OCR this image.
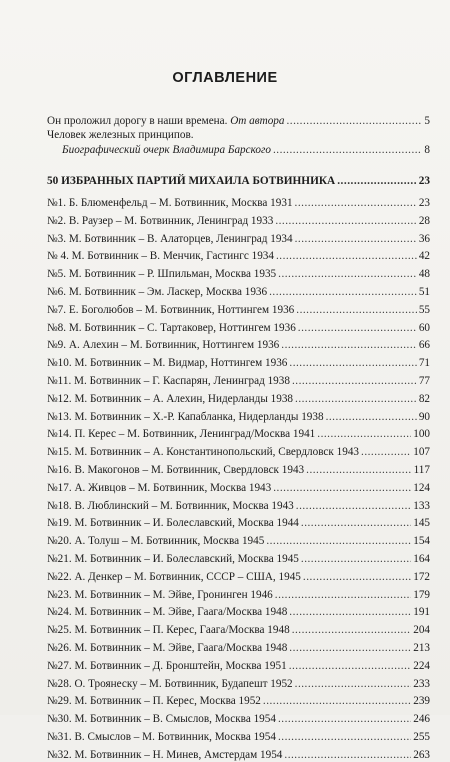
ОГЛАВЛЕНИЕ
Он проложил дорогу в наши времена. От автора .....	5
Человек железных принципов.
Биографический очерк Владимира Барского .....	8
50 ИЗБРАННЫХ ПАРТИЙ МИХАИЛА БОТВИННИКА .....	23
№1. Б. Блюменфельд – М. Ботвинник, Москва 1931 .....	23
№2. В. Раузер – М. Ботвинник, Ленинград 1933 .....	28
№3. М. Ботвинник – В. Алаторцев, Ленинград 1934 .....	36
№ 4. М. Ботвинник – В. Менчик, Гастингс 1934 .....	42
№5. М. Ботвинник – Р. Шпильман, Москва 1935 .....	48
№6. М. Ботвинник – Эм. Ласкер, Москва 1936 .....	51
№7. Е. Боголюбов – М. Ботвинник, Ноттингем 1936 .....	55
№8. М. Ботвинник – С. Тартаковер, Ноттингем 1936 .....	60
№9. А. Алехин – М. Ботвинник, Ноттингем 1936 .....	66
№10. М. Ботвинник – М. Видмар, Ноттингем 1936 .....	71
№11. М. Ботвинник – Г. Каспарян, Ленинград 1938 .....	77
№12. М. Ботвинник – А. Алехин, Нидерланды 1938 .....	82
№13. М. Ботвинник – Х.-Р. Капабланка, Нидерланды 1938 .....	90
№14. П. Керес – М. Ботвинник, Ленинград/Москва 1941 .....	100
№15. М. Ботвинник – А. Константинопольский, Свердловск 1943 .....	107
№16. В. Макогонов – М. Ботвинник, Свердловск 1943 .....	117
№17. А. Живцов – М. Ботвинник, Москва 1943 .....	124
№18. В. Люблинский – М. Ботвинник, Москва 1943 .....	133
№19. М. Ботвинник – И. Болеславский, Москва 1944 .....	145
№20. А. Толуш – М. Ботвинник, Москва 1945 .....	154
№21. М. Ботвинник – И. Болеславский, Москва 1945 .....	164
№22. А. Денкер – М. Ботвинник, СССР – США, 1945 .....	172
№23. М. Ботвинник – М. Эйве, Гронинген 1946 .....	179
№24. М. Ботвинник – М. Эйве, Гаага/Москва 1948 .....	191
№25. М. Ботвинник – П. Керес, Гаага/Москва 1948 .....	204
№26. М. Ботвинник – М. Эйве, Гаага/Москва 1948 .....	213
№27. М. Ботвинник – Д. Бронштейн, Москва 1951 .....	224
№28. О. Троянеску – М. Ботвинник, Будапешт 1952 .....	233
№29. М. Ботвинник – П. Керес, Москва 1952 .....	239
№30. М. Ботвинник – В. Смыслов, Москва 1954 .....	246
№31. В. Смыслов – М. Ботвинник, Москва 1954 .....	255
№32. М. Ботвинник – Н. Минев, Амстердам 1954 .....	263
